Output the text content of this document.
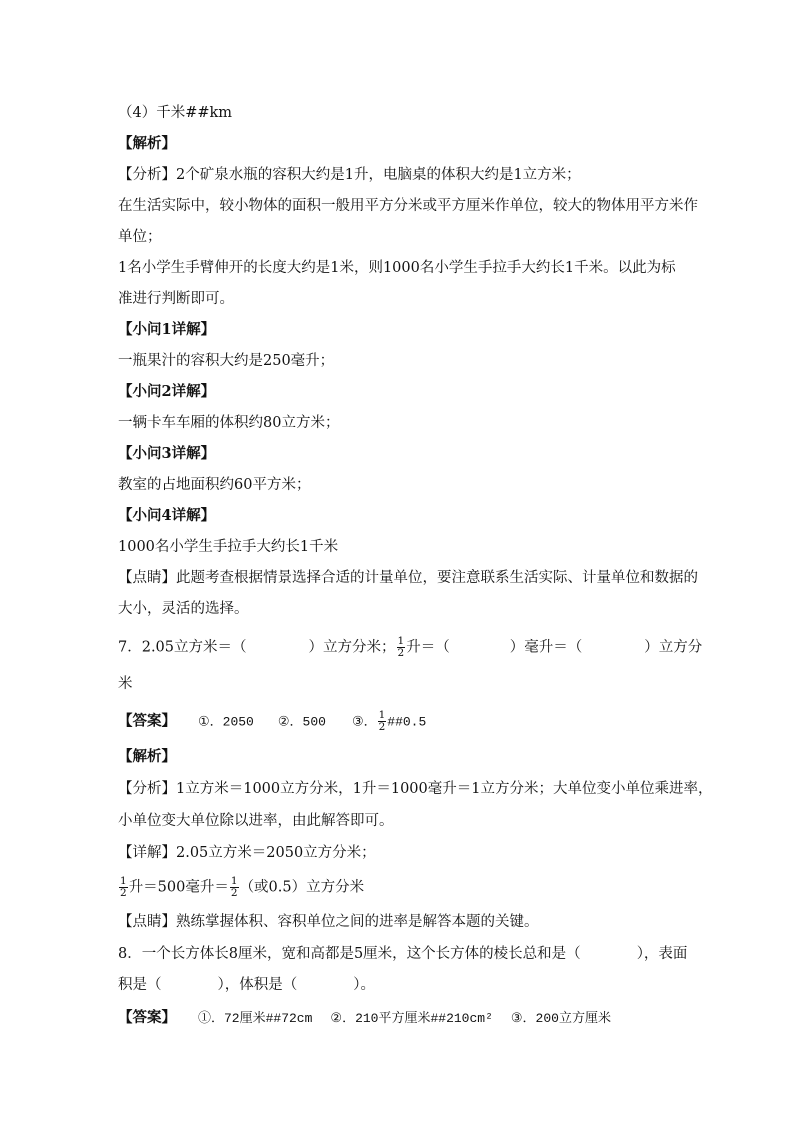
（4）千米##km
【解析】
【分析】2个矿泉水瓶的容积大约是1升，电脑桌的体积大约是1立方米；
在生活实际中，较小物体的面积一般用平方分米或平方厘米作单位，较大的物体用平方米作
单位；
1名小学生手臂伸开的长度大约是1米，则1000名小学生手拉手大约长1千米。以此为标
准进行判断即可。
【小问1详解】
一瓶果汁的容积大约是250毫升；
【小问2详解】
一辆卡车车厢的体积约80立方米；
【小问3详解】
教室的占地面积约60平方米；
【小问4详解】
1000名小学生手拉手大约长1千米
【点睛】此题考查根据情景选择合适的计量单位，要注意联系生活实际、计量单位和数据的
大小，灵活的选择。
7．2.05立方米＝（	）立方分米； $\frac{1}{2}$ 升＝（	）毫升＝（	）立方分
米
【答案】 ①．2050 ②．500 ③． $\frac{1}{2}$ ##0.5
【解析】
【分析】1立方米＝1000立方分米，1升＝1000毫升＝1立方分米；大单位变小单位乘进率，
小单位变大单位除以进率，由此解答即可。
【详解】2.05立方米＝2050立方分米；
$\frac{1}{2}$ 升＝500毫升＝ $\frac{1}{2}$ （或0.5）立方分米
【点睛】熟练掌握体积、容积单位之间的进率是解答本题的关键。
8．一个长方体长8厘米，宽和高都是5厘米，这个长方体的棱长总和是（	），表面
积是（	），体积是（	）。
【答案】 ①．72厘米##72cm ②．210平方厘米##210cm² ③．200立方厘米
